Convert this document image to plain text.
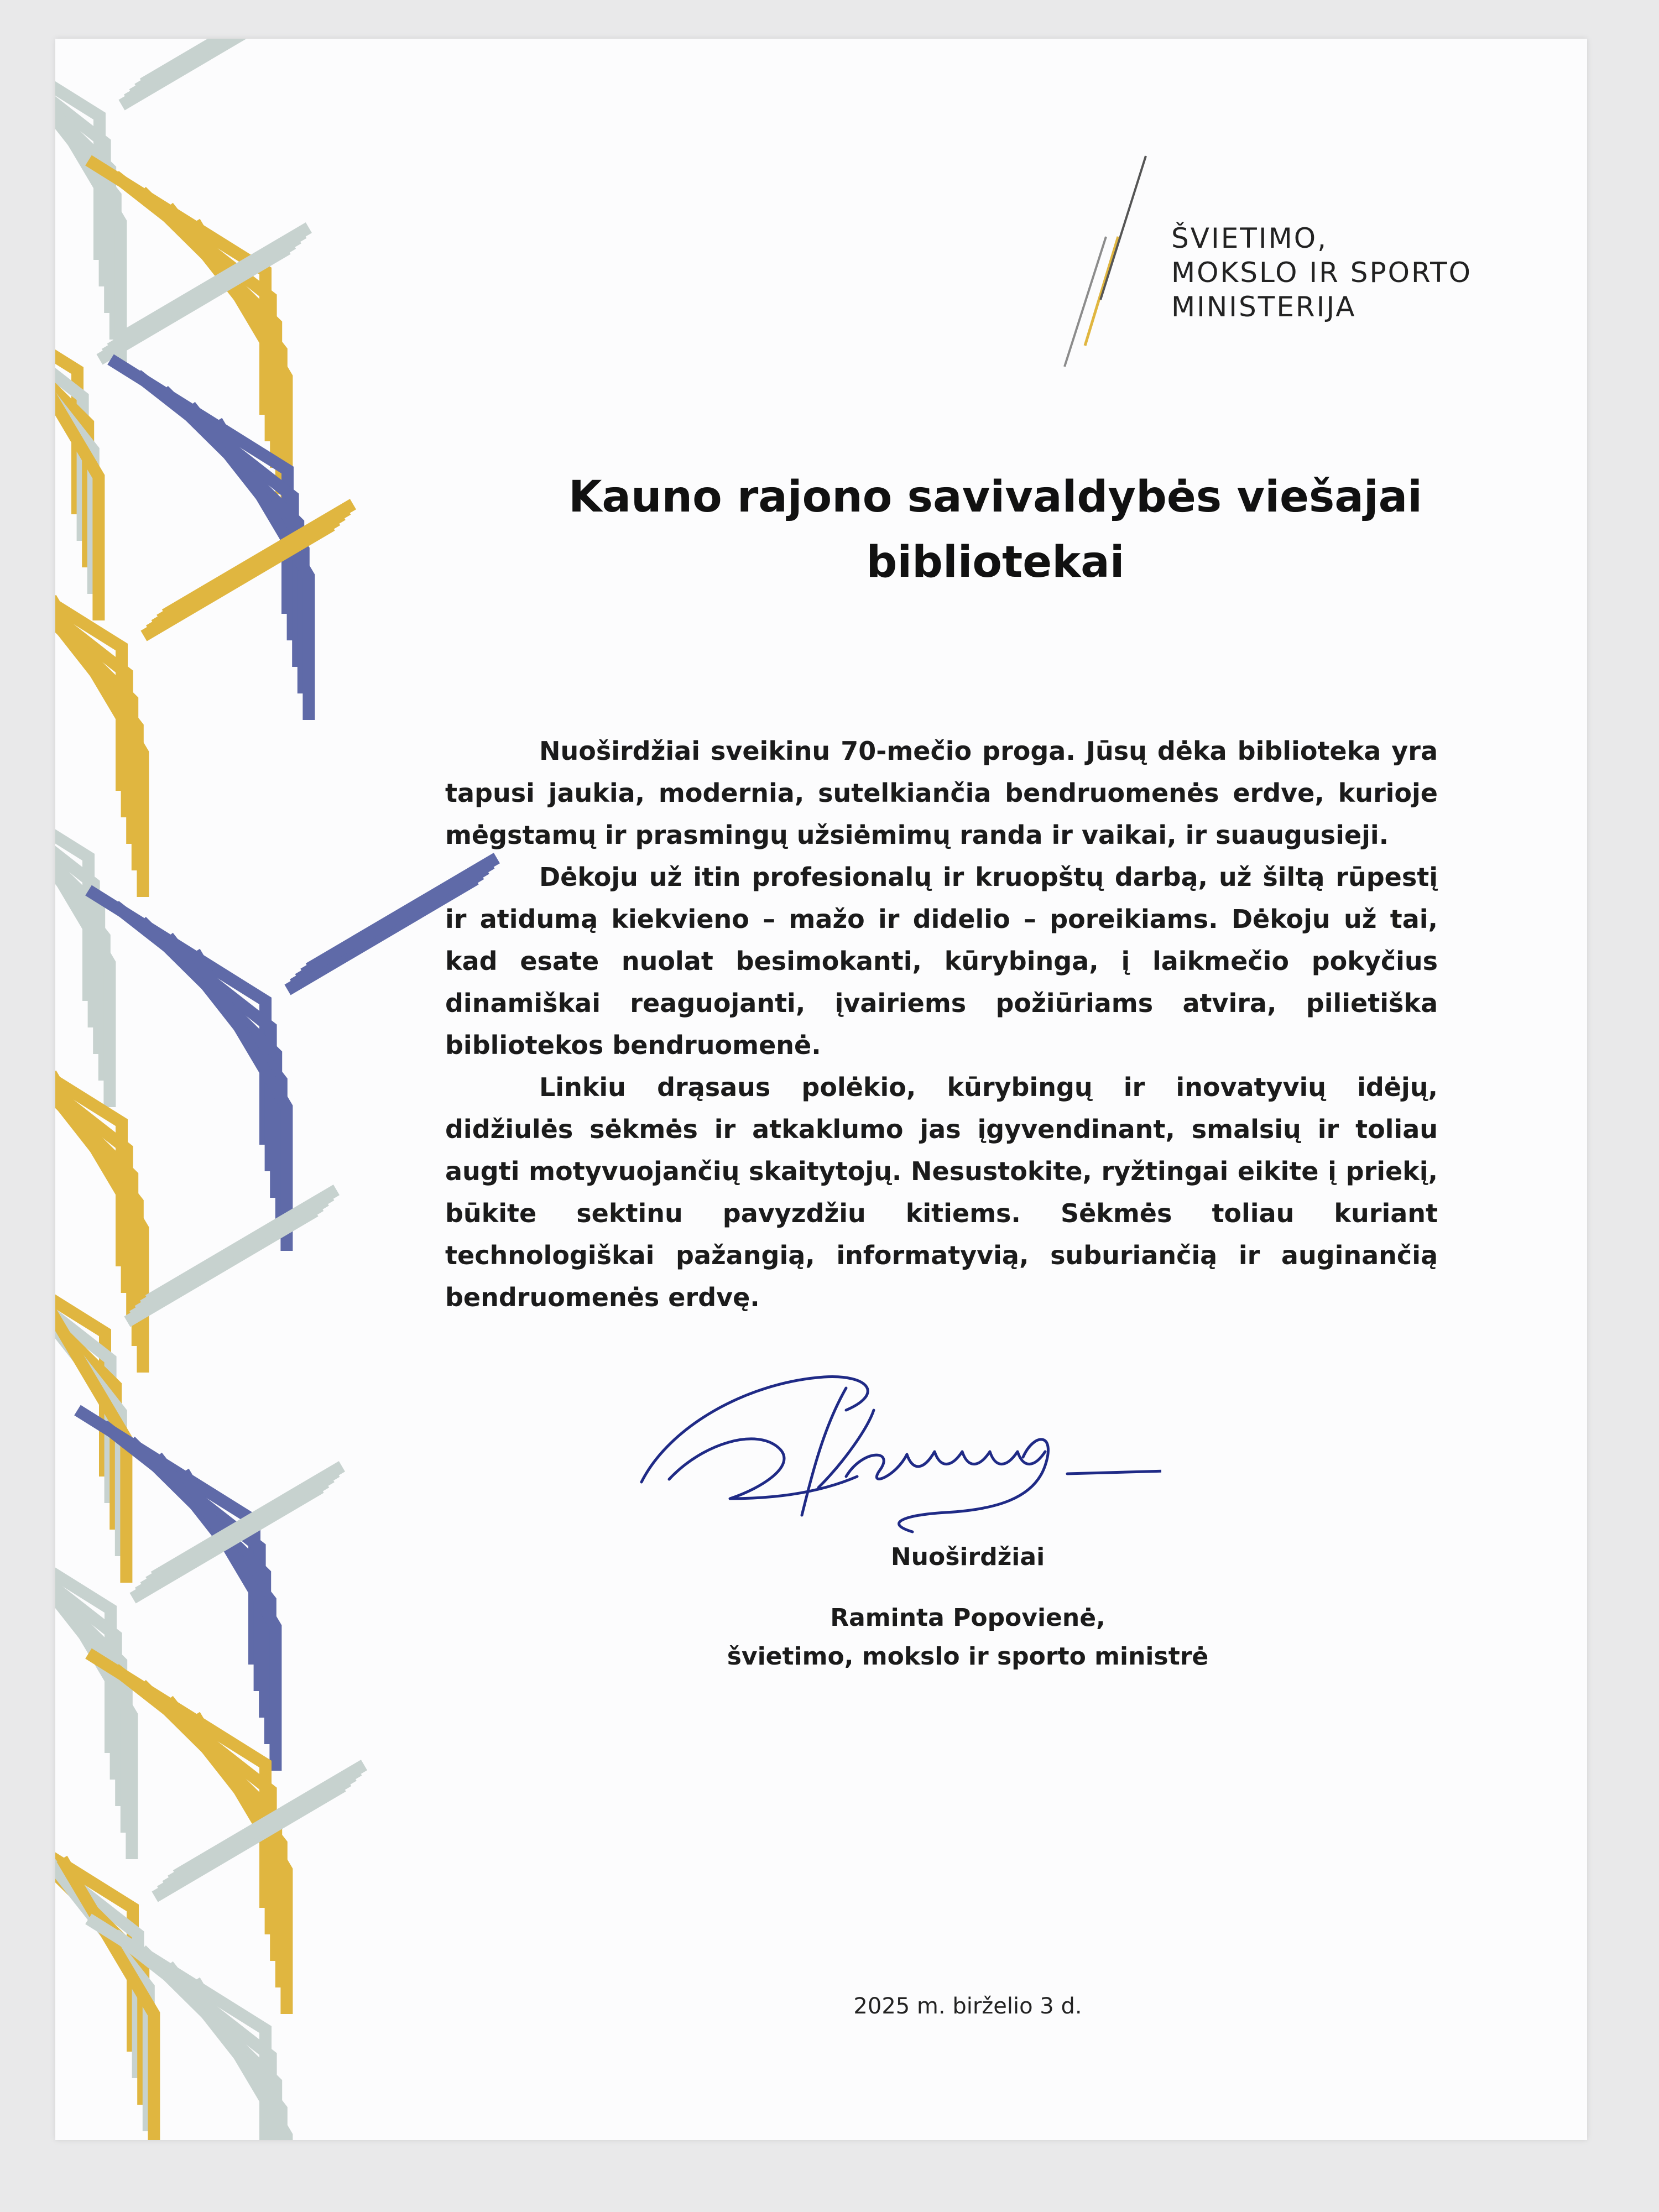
ŠVIETIMO,
MOKSLO IR SPORTO
MINISTERIJA
Kauno rajono savivaldybės viešajai
bibliotekai

Nuoširdžiai sveikinu 70-mečio proga. Jūsų dėka biblioteka yra tapusi jaukia, modernia, sutelkiančia bendruomenės erdve, kurioje mėgstamų ir prasmingų užsiėmimų randa ir vaikai, ir suaugusieji.

Dėkoju už itin profesionalų ir kruopštų darbą, už šiltą rūpestį ir atidumą kiekvieno – mažo ir didelio – poreikiams. Dėkoju už tai, kad esate nuolat besimokanti, kūrybinga, į laikmečio pokyčius dinamiškai reaguojanti, įvairiems požiūriams atvira, pilietiška bibliotekos bendruomenė.

Linkiu drąsaus polėkio, kūrybingų ir inovatyvių idėjų, didžiulės sėkmės ir atkaklumo jas įgyvendinant, smalsių ir toliau augti motyvuojančių skaitytojų. Nesustokite, ryžtingai eikite į priekį, būkite sektinu pavyzdžiu kitiems. Sėkmės toliau kuriant technologiškai pažangią, informatyvią, suburiančią ir auginančią bendruomenės erdvę.

Nuoširdžiai
Raminta Popovienė,
švietimo, mokslo ir sporto ministrė
2025 m. birželio 3 d.
